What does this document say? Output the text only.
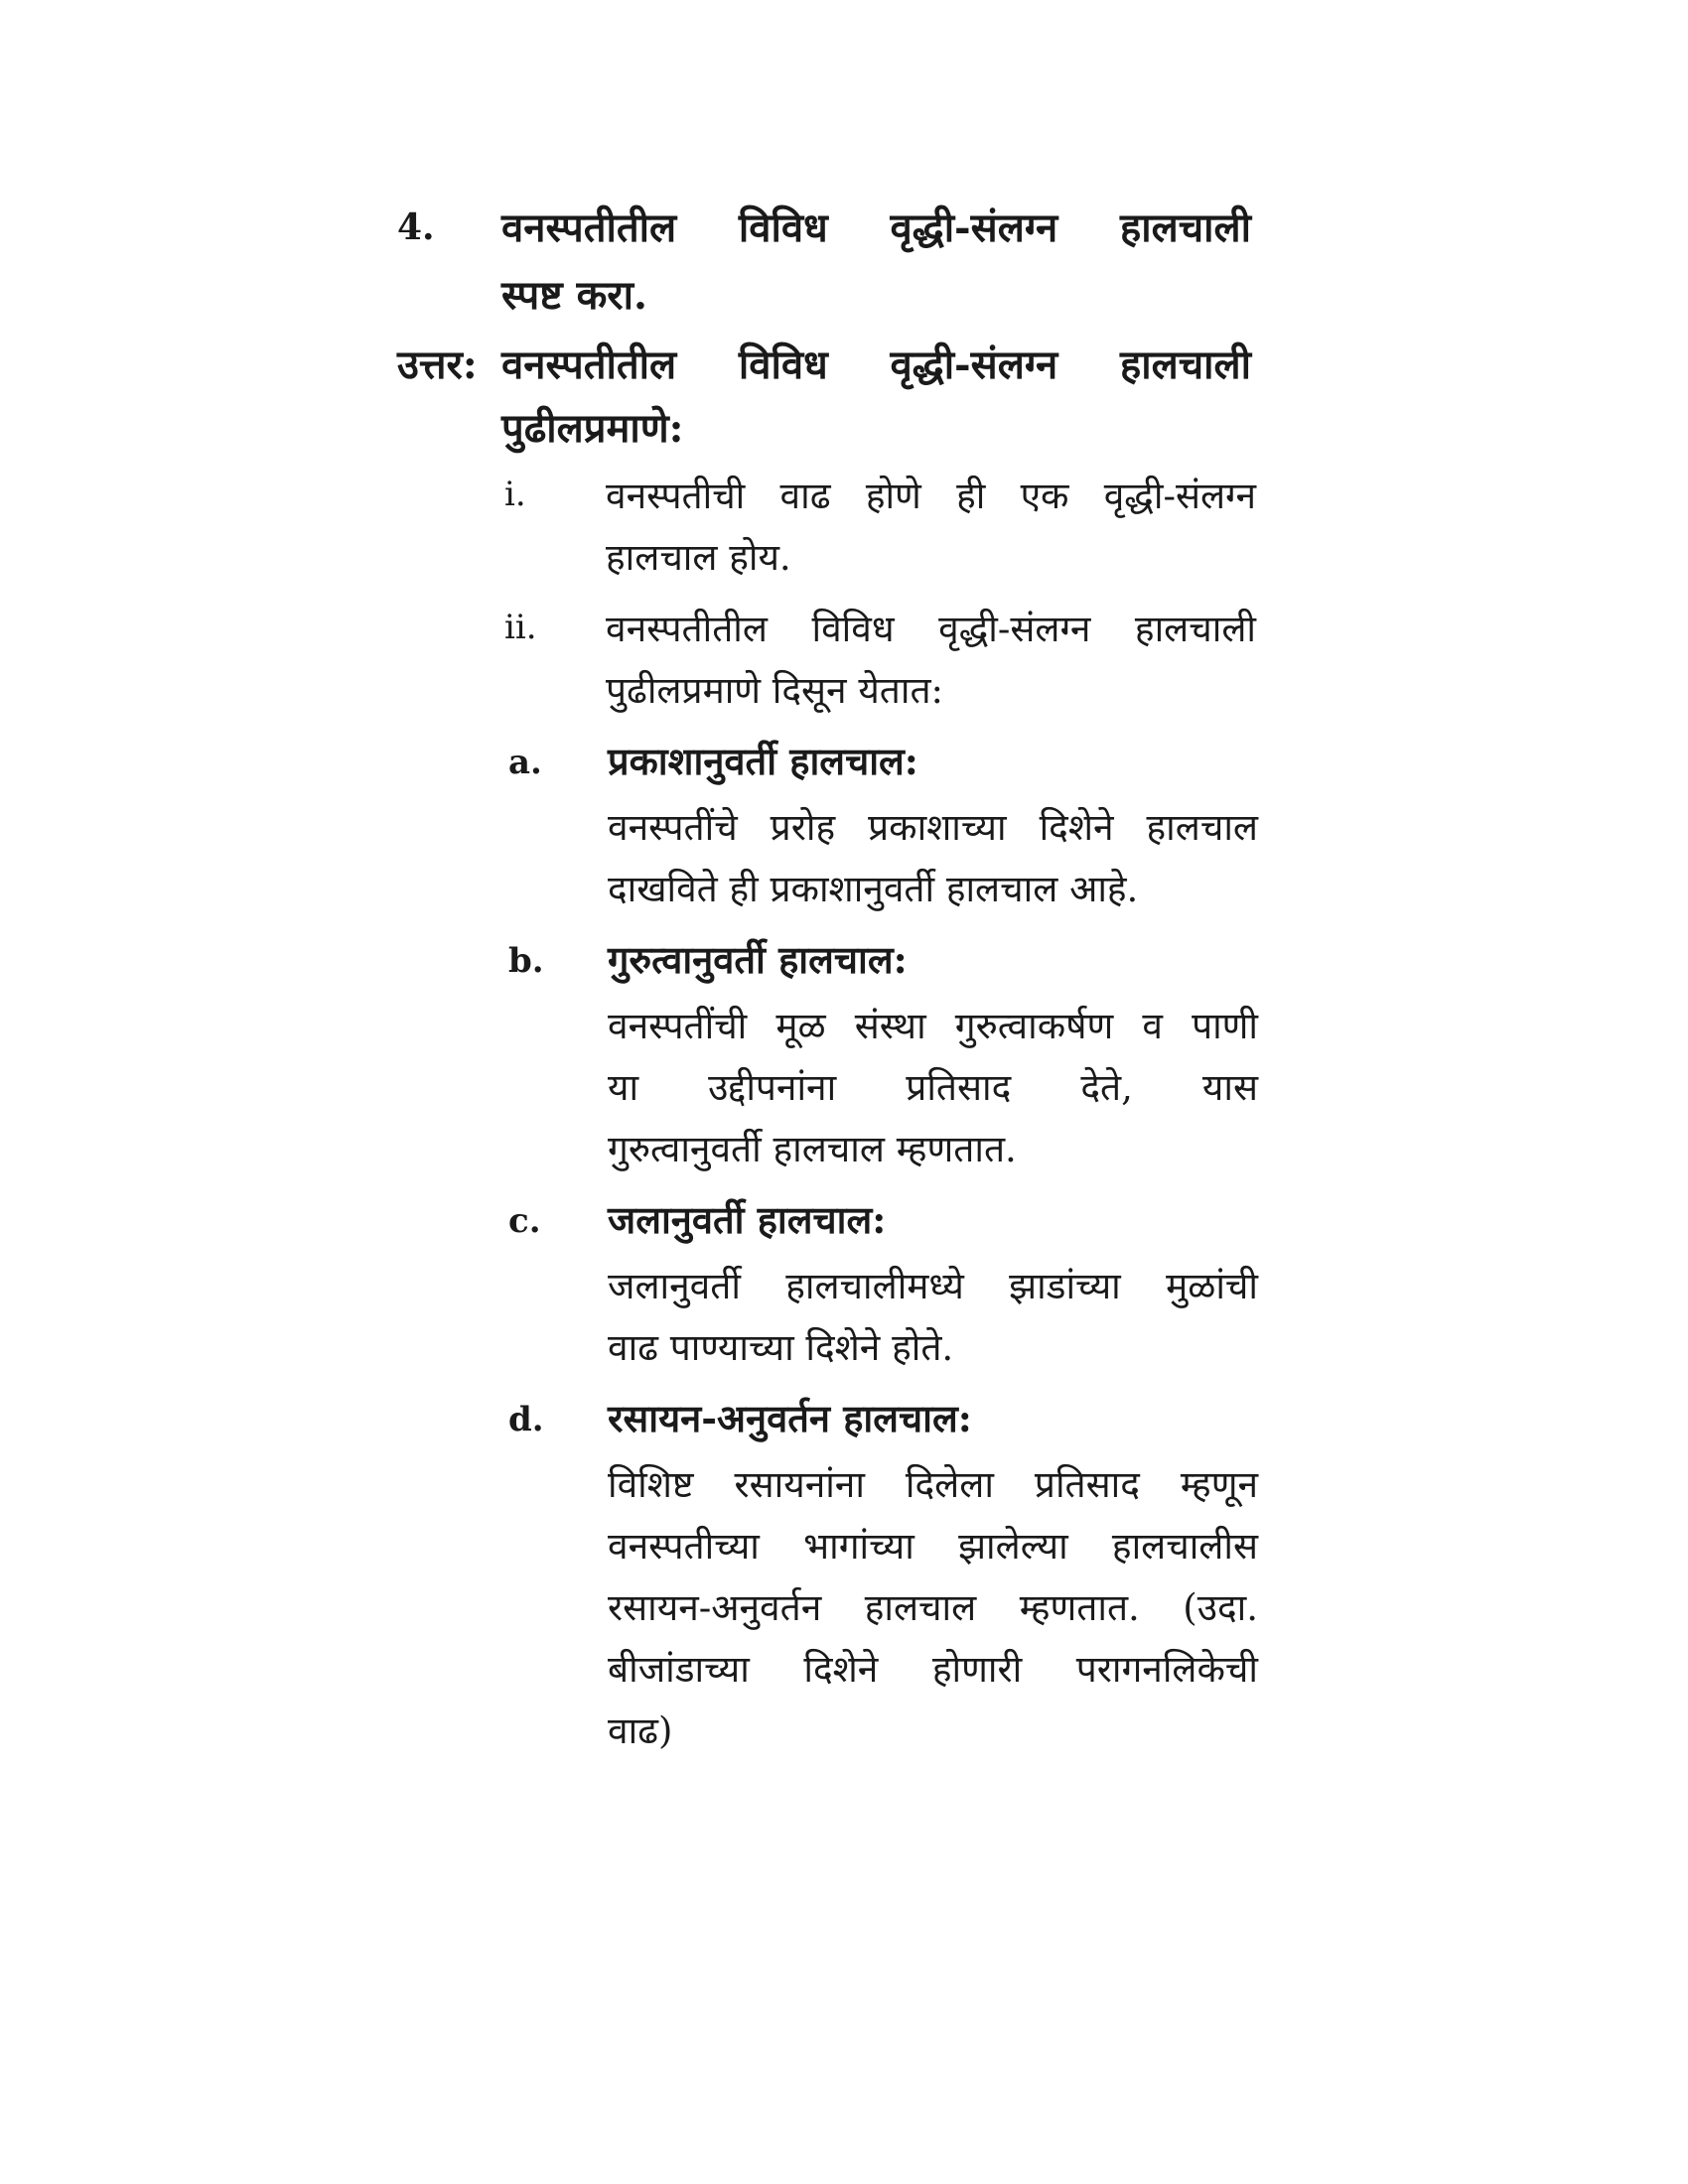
4. वनस्पतीतील विविध वृद्धी-संलग्न हालचाली
स्पष्ट करा.
उत्तर: वनस्पतीतील विविध वृद्धी-संलग्न हालचाली
पुढीलप्रमाणे:
i. वनस्पतीची वाढ होणे ही एक वृद्धी-संलग्न
हालचाल होय.
ii. वनस्पतीतील विविध वृद्धी-संलग्न हालचाली
पुढीलप्रमाणे दिसून येतात:
a. प्रकाशानुवर्ती हालचाल:
वनस्पतींचे प्ररोह प्रकाशाच्या दिशेने हालचाल
दाखविते ही प्रकाशानुवर्ती हालचाल आहे.
b. गुरुत्वानुवर्ती हालचाल:
वनस्पतींची मूळ संस्था गुरुत्वाकर्षण व पाणी
या उद्दीपनांना प्रतिसाद देते, यास
गुरुत्वानुवर्ती हालचाल म्हणतात.
c. जलानुवर्ती हालचाल:
जलानुवर्ती हालचालीमध्ये झाडांच्या मुळांची
वाढ पाण्याच्या दिशेने होते.
d. रसायन-अनुवर्तन हालचाल:
विशिष्ट रसायनांना दिलेला प्रतिसाद म्हणून
वनस्पतीच्या भागांच्या झालेल्या हालचालीस
रसायन-अनुवर्तन हालचाल म्हणतात. (उदा.
बीजांडाच्या दिशेने होणारी परागनलिकेची
वाढ)
